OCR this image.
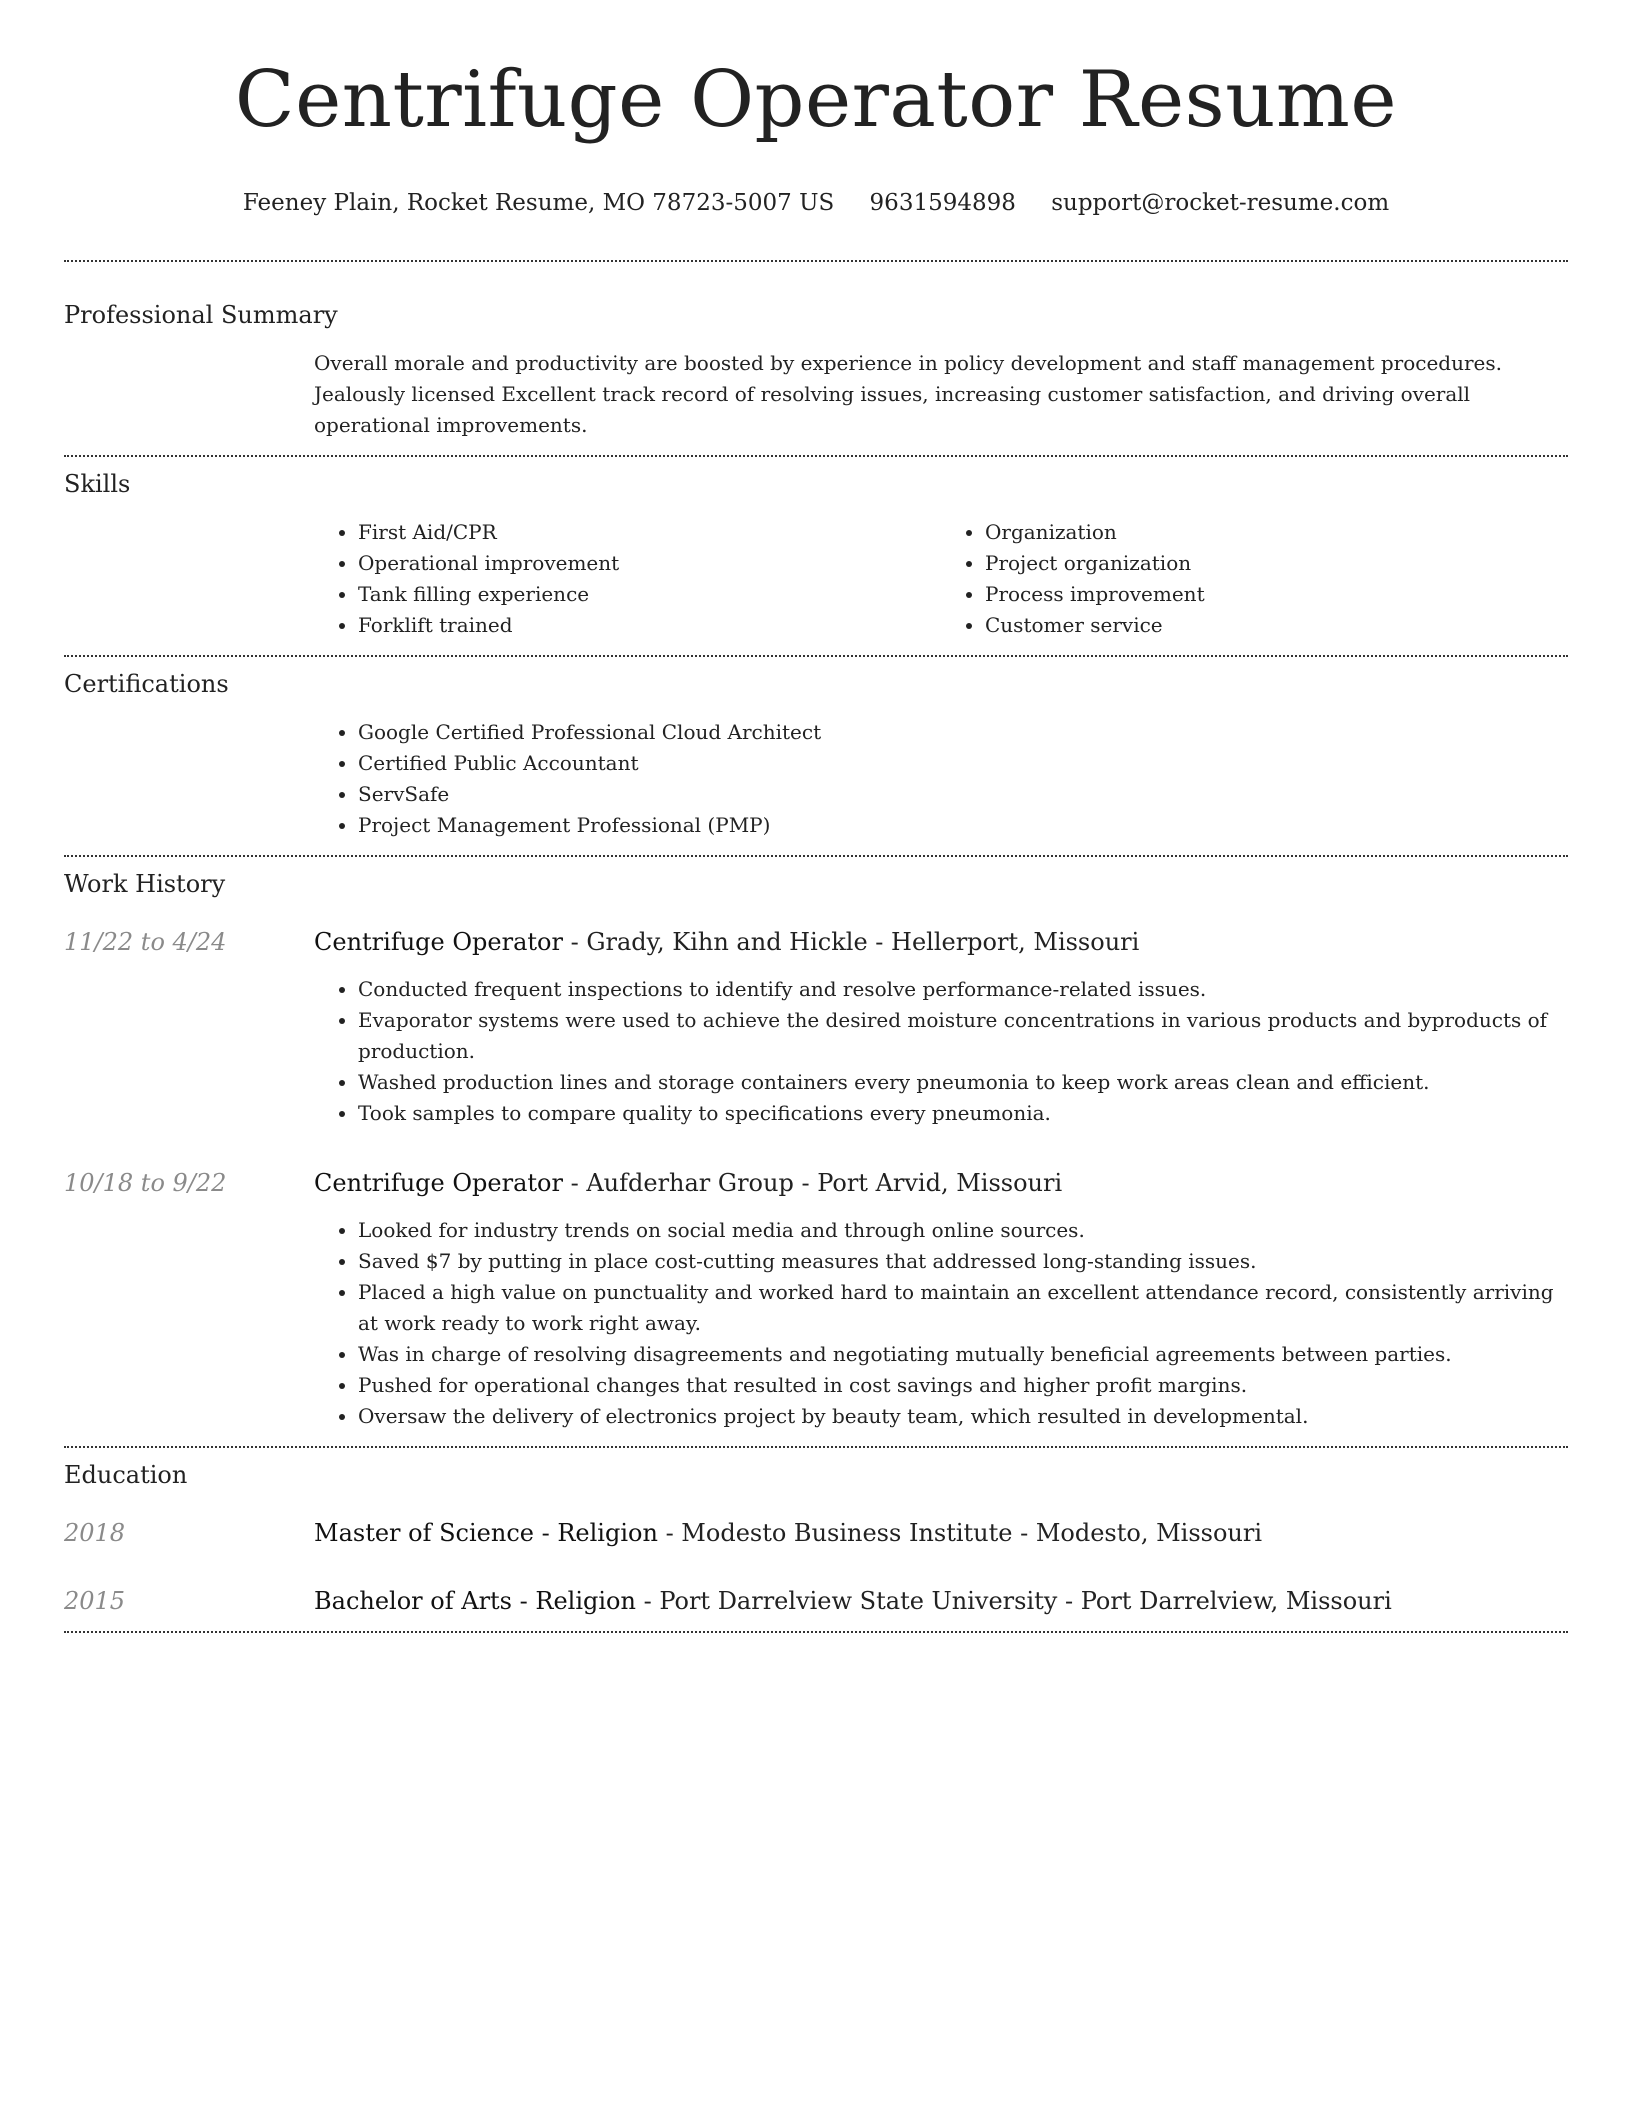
Centrifuge Operator Resume
Feeney Plain, Rocket Resume, MO 78723-5007 US 9631594898 support@rocket-resume.com
Professional Summary
Overall morale and productivity are boosted by experience in policy development and staff management procedures. Jealously licensed Excellent track record of resolving issues, increasing customer satisfaction, and driving overall operational improvements.
Skills
• First Aid/CPR
• Operational improvement
• Tank filling experience
• Forklift trained
• Organization
• Project organization
• Process improvement
• Customer service
Certifications
• Google Certified Professional Cloud Architect
• Certified Public Accountant
• ServSafe
• Project Management Professional (PMP)
Work History
11/22 to 4/24	Centrifuge Operator - Grady, Kihn and Hickle - Hellerport, Missouri
• Conducted frequent inspections to identify and resolve performance-related issues.
• Evaporator systems were used to achieve the desired moisture concentrations in various products and byproducts of production.
• Washed production lines and storage containers every pneumonia to keep work areas clean and efficient.
• Took samples to compare quality to specifications every pneumonia.
10/18 to 9/22	Centrifuge Operator - Aufderhar Group - Port Arvid, Missouri
• Looked for industry trends on social media and through online sources.
• Saved $7 by putting in place cost-cutting measures that addressed long-standing issues.
• Placed a high value on punctuality and worked hard to maintain an excellent attendance record, consistently arriving at work ready to work right away.
• Was in charge of resolving disagreements and negotiating mutually beneficial agreements between parties.
• Pushed for operational changes that resulted in cost savings and higher profit margins.
• Oversaw the delivery of electronics project by beauty team, which resulted in developmental.
Education
2018	Master of Science - Religion - Modesto Business Institute - Modesto, Missouri
2015	Bachelor of Arts - Religion - Port Darrelview State University - Port Darrelview, Missouri
